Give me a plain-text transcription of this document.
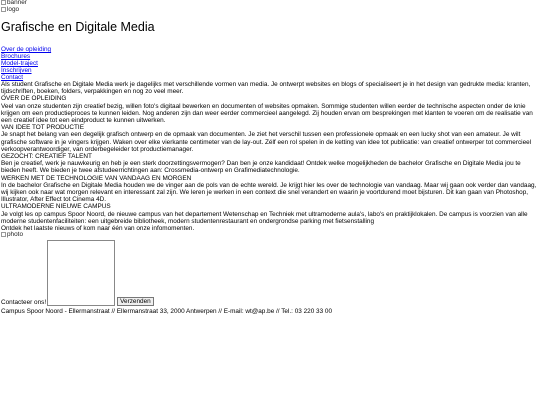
banner
logo
Grafische en Digitale Media
Over de opleiding
Brochures
Model-traject
Inschrijven
Contact
Als student Grafische en Digitale Media werk je dagelijks met verschillende vormen van media. Je ontwerpt websites en blogs of specialiseert je in het design van gedrukte media: kranten, tijdschriften, boeken, folders, verpakkingen en nog zo veel meer.
OVER DE OPLEIDING
Veel van onze studenten zijn creatief bezig, willen foto's digitaal bewerken en documenten of websites opmaken. Sommige studenten willen eerder de technische aspecten onder de knie krijgen om een productieproces te kunnen leiden. Nog anderen zijn dan weer eerder commercieel aangelegd. Zij houden ervan om besprekingen met klanten te voeren om de realisatie van een creatief idee tot een eindproduct te kunnen uitwerken.
VAN IDEE TOT PRODUCTIE
Je snapt het belang van een degelijk grafisch ontwerp en de opmaak van documenten. Je ziet het verschil tussen een professionele opmaak en een lucky shot van een amateur. Je wilt grafische software in je vingers krijgen. Waken over elke vierkante centimeter van de lay-out. Zélf een rol spelen in de ketting van idee tot publicatie: van creatief ontwerper tot commercieel verkoopverantwoordiger, van orderbegeleider tot productiemanager.
GEZOCHT: CREATIEF TALENT
Ben je creatief, werk je nauwkeurig en heb je een sterk doorzettingsvermogen? Dan ben je onze kandidaat! Ontdek welke mogelijkheden de bachelor Grafische en Digitale Media jou te bieden heeft. We bieden je twee afstudeerrichtingen aan: Crossmedia-ontwerp en Grafimediatechnologie.
WERKEN MET DE TECHNOLOGIE VAN VANDAAG EN MORGEN
In de bachelor Grafische en Digitale Media houden we de vinger aan de pols van de echte wereld. Je krijgt hier les over de technologie van vandaag. Maar wij gaan ook verder dan vandaag, wij kijken ook naar wat morgen relevant en interessant zal zijn. We leren je werken in een context die snel verandert en waarin je voortdurend moet bijsturen. Dit kan gaan van Photoshop, Illustrator, After Effect tot Cinema 4D.
ULTRAMODERNE NIEUWE CAMPUS
Je volgt les op campus Spoor Noord, de nieuwe campus van het departement Wetenschap en Techniek met ultramoderne aula's, labo's en praktijklokalen. De campus is voorzien van alle moderne studentenfaciliteiten: een uitgebreide bibliotheek, modern studentenrestaurant en ondergrondse parking met fietsenstalling
Ontdek het laatste nieuws of kom naar één van onze infomomenten.
photo
Contacteer ons!	Verzenden
Campus Spoor Noord - Ellermanstraat // Ellermanstraat 33, 2000 Antwerpen // E-mail: wt@ap.be // Tel.: 03 220 33 00
